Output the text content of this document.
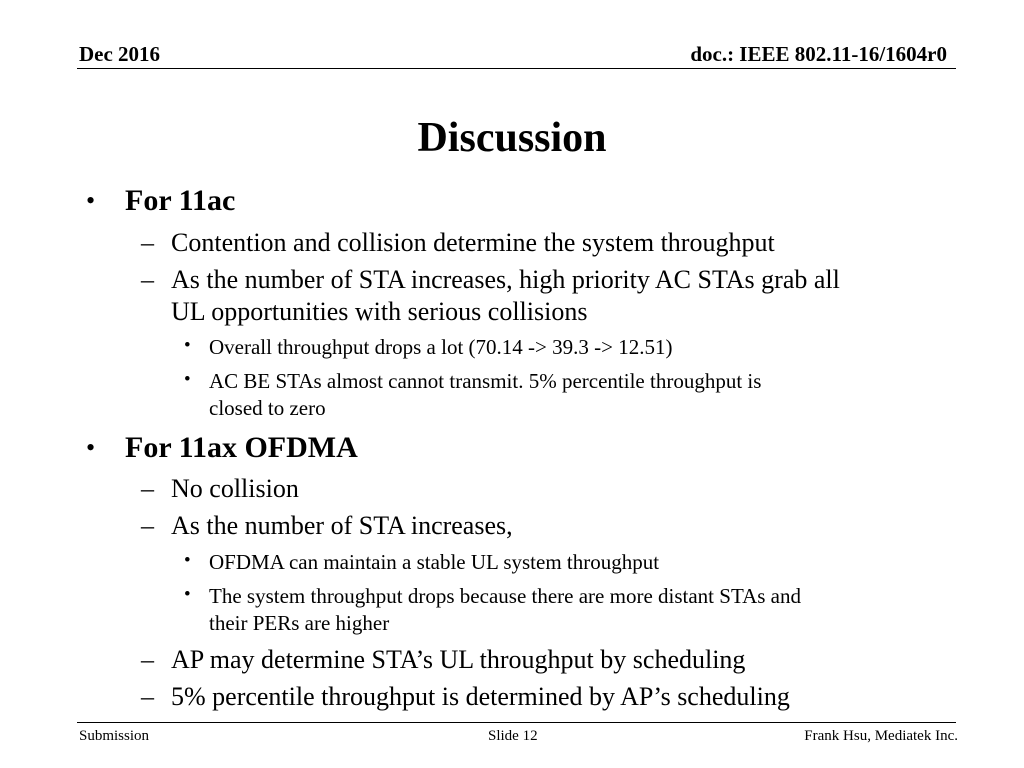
Dec 2016	doc.: IEEE 802.11-16/1604r0
Discussion
• For 11ac
– Contention and collision determine the system throughput
– As the number of STA increases, high priority AC STAs grab all
UL opportunities with serious collisions
• Overall throughput drops a lot (70.14 -> 39.3 -> 12.51)
• AC BE STAs almost cannot transmit. 5% percentile throughput is
closed to zero
• For 11ax OFDMA
– No collision
– As the number of STA increases,
• OFDMA can maintain a stable UL system throughput
• The system throughput drops because there are more distant STAs and
their PERs are higher
– AP may determine STA’s UL throughput by scheduling
– 5% percentile throughput is determined by AP’s scheduling
Submission	Slide 12	Frank Hsu, Mediatek Inc.
